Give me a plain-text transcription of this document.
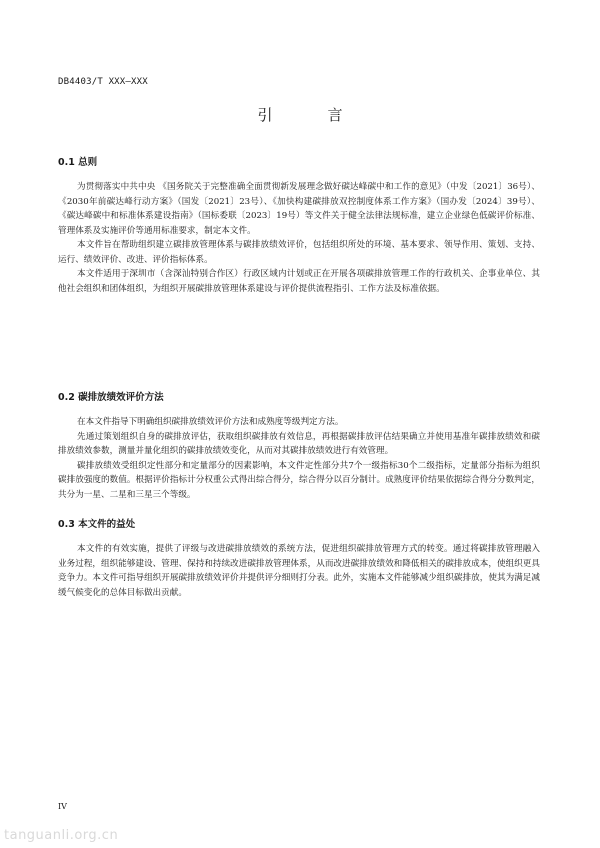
DB4403/T XXX—XXX
引　言
0.1 总则

为贯彻落实中共中央 《国务院关于完整准确全面贯彻新发展理念做好碳达峰碳中和工作的意见》（中发〔2021〕36号）、《2030年前碳达峰行动方案》（国发〔2021〕23号）、《加快构建碳排放双控制度体系工作方案》（国办发〔2024〕39号）、《碳达峰碳中和标准体系建设指南》（国标委联〔2023〕19号）等文件关于健全法律法规标准，建立企业绿色低碳评价标准、管理体系及实施评价等通用标准要求，制定本文件。

本文件旨在帮助组织建立碳排放管理体系与碳排放绩效评价，包括组织所处的环境、基本要求、领导作用、策划、支持、运行、绩效评价、改进、评价指标体系。

本文件适用于深圳市（含深汕特别合作区）行政区域内计划或正在开展各项碳排放管理工作的行政机关、企事业单位、其他社会组织和团体组织，为组织开展碳排放管理体系建设与评价提供流程指引、工作方法及标准依据。

0.2 碳排放绩效评价方法

在本文件指导下明确组织碳排放绩效评价方法和成熟度等级判定方法。

先通过策划组织自身的碳排放评估，获取组织碳排放有效信息，再根据碳排放评估结果确立并使用基准年碳排放绩效和碳排放绩效参数，测量并量化组织的碳排放绩效变化，从而对其碳排放绩效进行有效管理。

碳排放绩效受组织定性部分和定量部分的因素影响，本文件定性部分共7个一级指标30个二级指标，定量部分指标为组织碳排放强度的数值。根据评价指标计分权重公式得出综合得分，综合得分以百分制计。成熟度评价结果依据综合得分分数判定，共分为一星、二星和三星三个等级。

0.3 本文件的益处

本文件的有效实施，提供了评级与改进碳排放绩效的系统方法，促进组织碳排放管理方式的转变。通过将碳排放管理融入业务过程，组织能够建设、管理、保持和持续改进碳排放管理体系，从而改进碳排放绩效和降低相关的碳排放成本，使组织更具竞争力。本文件可指导组织开展碳排放绩效评价并提供评分细则打分表。此外，实施本文件能够减少组织碳排放，使其为满足减缓气候变化的总体目标做出贡献。

IV
tanguanli.org.cn
